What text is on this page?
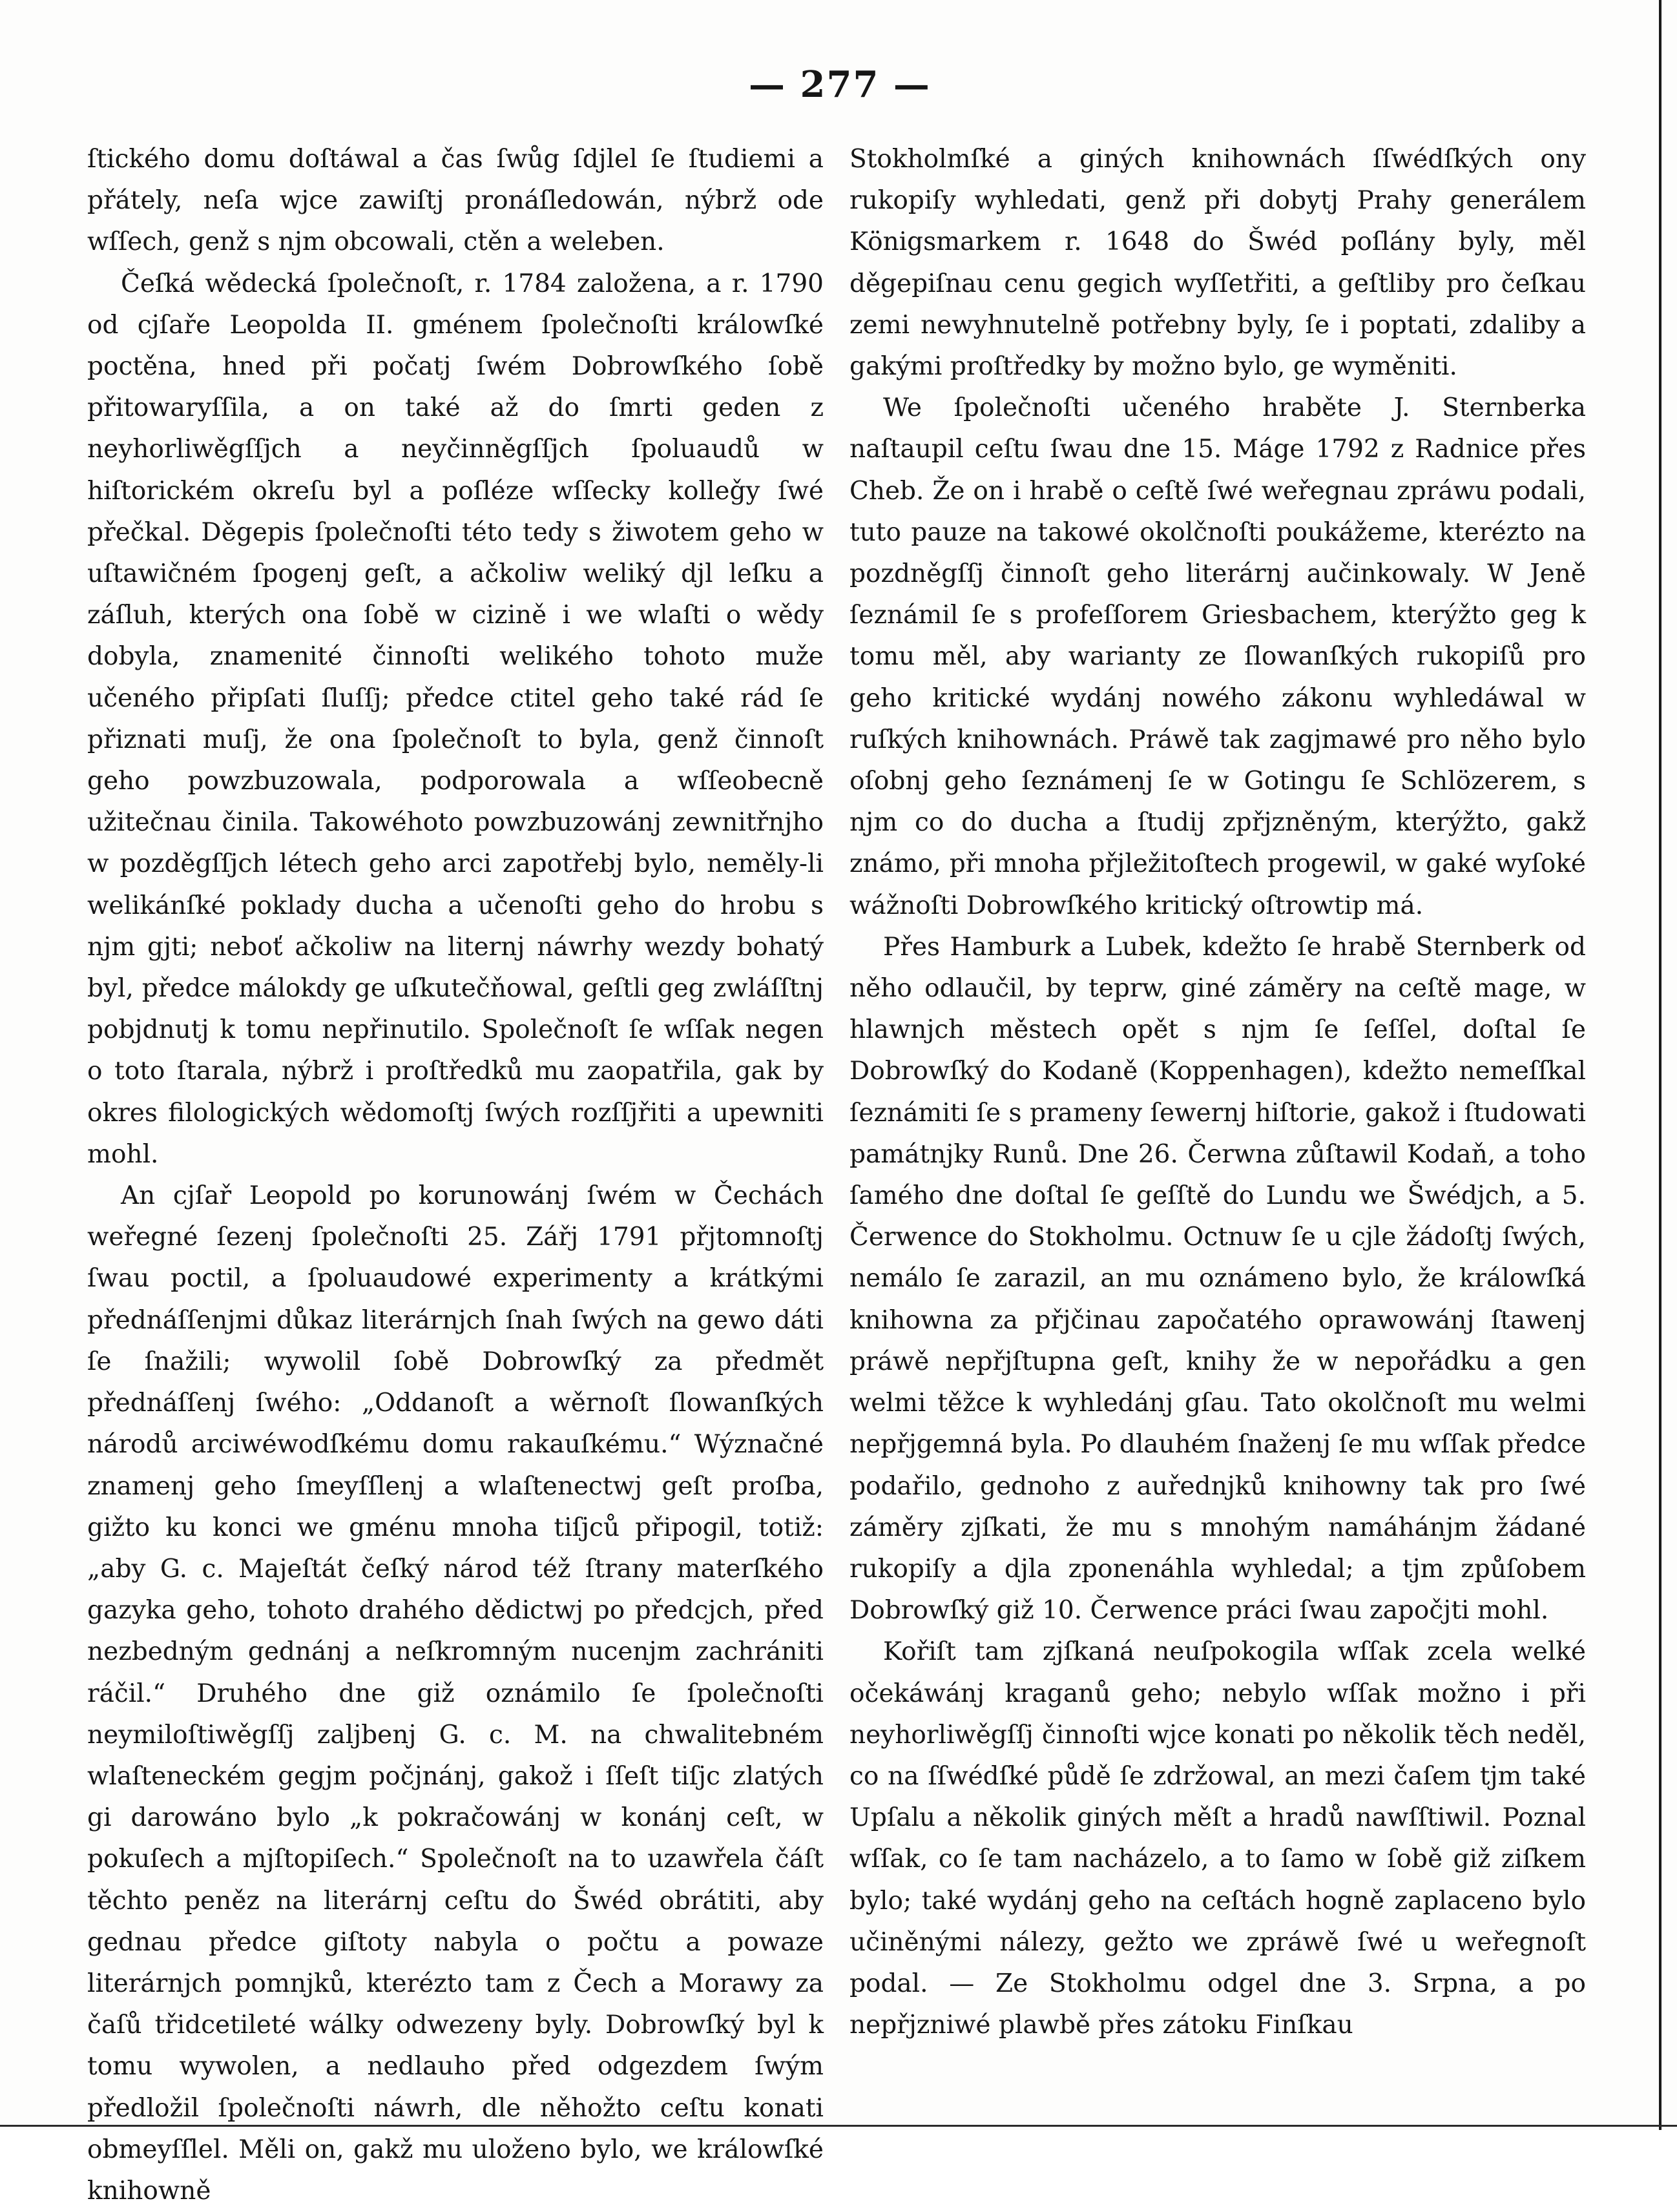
— 277 —

ſtického domu doſtáwal a čas ſwůg ſdjlel ſe ſtudiemi a přátely, neſa wjce zawiſtj pronáſledowán, nýbrž ode wſſech, genž s njm obcowali, ctěn a weleben.

Čeſká wědecká ſpolečnoſt, r. 1784 založena, a r. 1790 od cjſaře Leopolda II. gménem ſpolečnoſti králowſké poctěna, hned při počatj ſwém Dobrowſkého ſobě přitowaryſſila, a on také až do ſmrti geden z neyhorliwěgſſjch a neyčinněgſſjch ſpoluaudů w hiſtorickém okreſu byl a poſléze wſſecky kolleǧy ſwé přečkal. Děgepis ſpolečnoſti této tedy s žiwotem geho w uſtawičném ſpogenj geſt, a ačkoliw weliký djl leſku a záſluh, kterých ona ſobě w cizině i we wlaſti o wědy dobyla, znamenité činnoſti welikého tohoto muže učeného připſati ſluſſj; předce ctitel geho také rád ſe přiznati muſj, že ona ſpolečnoſt to byla, genž činnoſt geho powzbuzowala, podporowala a wſſeobecně užitečnau činila. Takowéhoto powzbuzowánj zewnitřnjho w pozděgſſjch létech geho arci zapotřebj bylo, neměly-li welikánſké poklady ducha a učenoſti geho do hrobu s njm gjti; neboť ačkoliw na liternj náwrhy wezdy bohatý byl, předce málokdy ge uſkutečňowal, geſtli geg zwláſſtnj pobjdnutj k tomu nepřinutilo. Společnoſt ſe wſſak negen o toto ſtarala, nýbrž i proſtředků mu zaopatřila, gak by okres filologických wědomoſtj ſwých rozſſjřiti a upewniti mohl.

An cjſař Leopold po korunowánj ſwém w Čechách weřegné ſezenj ſpolečnoſti 25. Zářj 1791 přjtomnoſtj ſwau poctil, a ſpoluaudowé experimenty a krátkými přednáſſenjmi důkaz literárnjch ſnah ſwých na gewo dáti ſe ſnažili; wywolil ſobě Dobrowſký za předmět přednáſſenj ſwého: „Oddanoſt a wěrnoſt ſlowanſkých národů arciwéwodſkému domu rakauſkému.“ Wýznačné znamenj geho ſmeyſſlenj a wlaſtenectwj geſt proſba, gižto ku konci we gménu mnoha tiſjců připogil, totiž: „aby G. c. Majeſtát čeſký národ též ſtrany materſkého gazyka geho, tohoto drahého dědictwj po předcjch, před nezbedným gednánj a neſkromným nucenjm zachrániti ráčil.“ Druhého dne giž oznámilo ſe ſpolečnoſti neymiloſtiwěgſſj zaljbenj G. c. M. na chwalitebném wlaſteneckém gegjm počjnánj, gakož i ſſeſt tiſjc zlatých gi darowáno bylo „k pokračowánj w konánj ceſt, w pokuſech a mjſtopiſech.“ Společnoſt na to uzawřela čáſt těchto peněz na literárnj ceſtu do Šwéd obrátiti, aby gednau předce giſtoty nabyla o počtu a powaze literárnjch pomnjků, kterézto tam z Čech a Morawy za čaſů třidcetileté wálky odwezeny byly. Dobrowſký byl k tomu wywolen, a nedlauho před odgezdem ſwým předložil ſpolečnoſti náwrh, dle něhožto ceſtu konati obmeyſſlel. Měli on, gakž mu uloženo bylo, we králowſké knihowně

Stokholmſké a giných knihownách ſſwédſkých ony rukopiſy wyhledati, genž při dobytj Prahy generálem Königsmarkem r. 1648 do Šwéd poſlány byly, měl děgepiſnau cenu gegich wyſſetřiti, a geſtliby pro čeſkau zemi newyhnutelně potřebny byly, ſe i poptati, zdaliby a gakými proſtředky by možno bylo, ge wyměniti.

We ſpolečnoſti učeného hraběte J. Sternberka naſtaupil ceſtu ſwau dne 15. Máge 1792 z Radnice přes Cheb. Že on i hrabě o ceſtě ſwé weřegnau zpráwu podali, tuto pauze na takowé okolčnoſti poukážeme, kterézto na pozdněgſſj činnoſt geho literárnj aučinkowaly. W Jeně ſeznámil ſe s profeſſorem Griesbachem, kterýžto geg k tomu měl, aby warianty ze ſlowanſkých rukopiſů pro geho kritické wydánj nowého zákonu wyhledáwal w ruſkých knihownách. Práwě tak zagjmawé pro něho bylo oſobnj geho ſeznámenj ſe w Gotingu ſe Schlözerem, s njm co do ducha a ſtudij zpřjzněným, kterýžto, gakž známo, při mnoha přjležitoſtech progewil, w gaké wyſoké wážnoſti Dobrowſkého kritický oſtrowtip má.

Přes Hamburk a Lubek, kdežto ſe hrabě Sternberk od něho odlaučil, by teprw, giné záměry na ceſtě mage, w hlawnjch městech opět s njm ſe ſeſſel, doſtal ſe Dobrowſký do Kodaně (Koppenhagen), kdežto nemeſſkal ſeznámiti ſe s prameny ſewernj hiſtorie, gakož i ſtudowati památnjky Runů. Dne 26. Čerwna zůſtawil Kodaň, a toho ſamého dne doſtal ſe geſſtě do Lundu we Šwédjch, a 5. Čerwence do Stokholmu. Octnuw ſe u cjle žádoſtj ſwých, nemálo ſe zarazil, an mu oznámeno bylo, že králowſká knihowna za přjčinau započatého oprawowánj ſtawenj práwě nepřjſtupna geſt, knihy že w nepořádku a gen welmi těžce k wyhledánj gſau. Tato okolčnoſt mu welmi nepřjgemná byla. Po dlauhém ſnaženj ſe mu wſſak předce podařilo, gednoho z auřednjků knihowny tak pro ſwé záměry zjſkati, že mu s mnohým namáhánjm žádané rukopiſy a djla zponenáhla wyhledal; a tjm způſobem Dobrowſký giž 10. Čerwence práci ſwau započjti mohl.

Kořiſt tam zjſkaná neuſpokogila wſſak zcela welké očekáwánj kraganů geho; nebylo wſſak možno i při neyhorliwěgſſj činnoſti wjce konati po několik těch neděl, co na ſſwédſké půdě ſe zdržowal, an mezi čaſem tjm také Upſalu a několik giných měſt a hradů nawſſtiwil. Poznal wſſak, co ſe tam nacházelo, a to ſamo w ſobě giž ziſkem bylo; také wydánj geho na ceſtách hogně zaplaceno bylo učiněnými nálezy, gežto we zpráwě ſwé u weřegnoſt podal. — Ze Stokholmu odgel dne 3. Srpna, a po nepřjzniwé plawbě přes zátoku Finſkau
